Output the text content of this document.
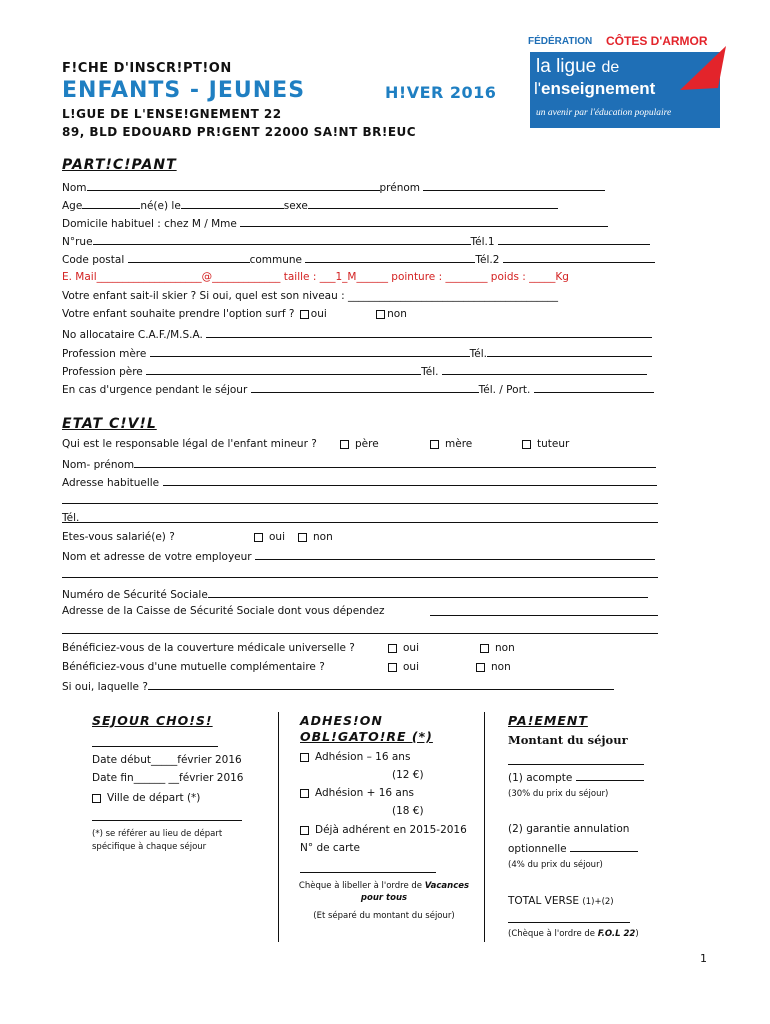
F!CHE D'INSCR!PT!ON
ENFANTS - JEUNES	H!VER 2016
L!GUE DE L'ENSE!GNEMENT 22
89, BLD EDOUARD PR!GENT 22000 SA!NT BR!EUC
FÉDÉRATION CÔTES D'ARMOR
la ligue de
l'enseignement
un avenir par l'éducation populaire
PART!C!PANT
Nom	prénom
Age	né(e) le	sexe
Domicile habituel : chez M / Mme
N°rue	Tél.1
Code postal	commune	Tél.2
E. Mail____________________@_____________ taille : ___1_M______ pointure : ________ poids : _____Kg
Votre enfant sait-il skier ? Si oui, quel est son niveau : ________________________________________
Votre enfant souhaite prendre l'option surf ? oui	non
No allocataire C.A.F./M.S.A.
Profession mère	Tél.
Profession père	Tél.
En cas d'urgence pendant le séjour	Tél. / Port.
ETAT C!V!L
Qui est le responsable légal de l'enfant mineur ?	père	mère	tuteur
Nom- prénom
Adresse habituelle
Tél.
Etes-vous salarié(e) ?	oui	non
Nom et adresse de votre employeur
Numéro de Sécurité Sociale
Adresse de la Caisse de Sécurité Sociale dont vous dépendez
Bénéficiez-vous de la couverture médicale universelle ?	oui	non
Bénéficiez-vous d'une mutuelle complémentaire ?	oui	non
Si oui, laquelle ?
SEJOUR CHO!S!
Date début_____février 2016
Date fin______ __février 2016
Ville de départ (*)
(*) se référer au lieu de départ spécifique à chaque séjour
ADHES!ON
OBL!GATO!RE (*)
Adhésion – 16 ans
(12 €)
Adhésion + 16 ans
(18 €)
Déjà adhérent en 2015-2016
N° de carte
Chèque à libeller à l'ordre de Vacances pour tous
(Et séparé du montant du séjour)
PA!EMENT
Montant du séjour
(1) acompte
(30% du prix du séjour)
(2) garantie annulation
optionnelle
(4% du prix du séjour)
TOTAL VERSE (1)+(2)
(Chèque à l'ordre de F.O.L 22)
1
